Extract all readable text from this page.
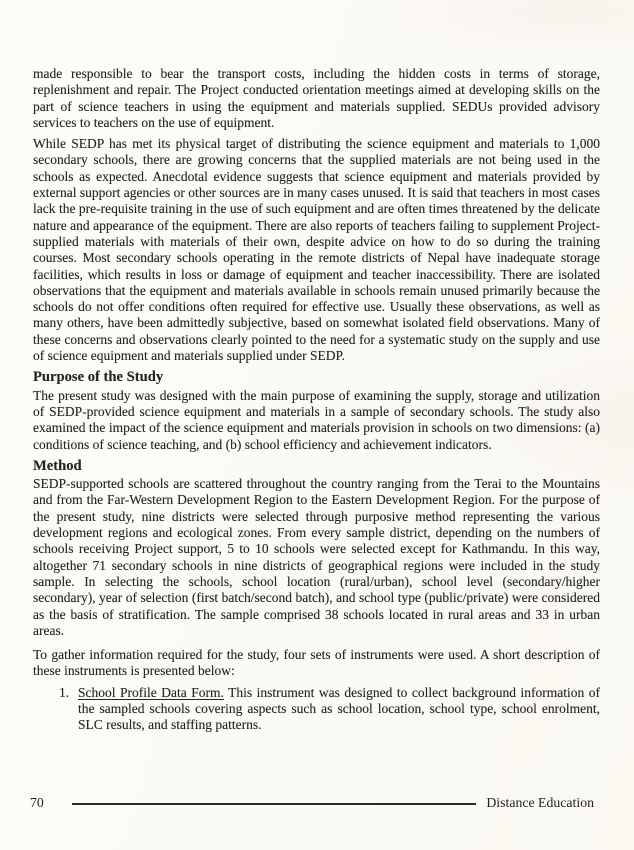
made responsible to bear the transport costs, including the hidden costs in terms of storage, replenishment and repair. The Project conducted orientation meetings aimed at developing skills on the part of science teachers in using the equipment and materials supplied. SEDUs provided advisory services to teachers on the use of equipment.

While SEDP has met its physical target of distributing the science equipment and materials to 1,000 secondary schools, there are growing concerns that the supplied materials are not being used in the schools as expected. Anecdotal evidence suggests that science equipment and materials provided by external support agencies or other sources are in many cases unused. It is said that teachers in most cases lack the pre-requisite training in the use of such equipment and are often times threatened by the delicate nature and appearance of the equipment. There are also reports of teachers failing to supplement Project-supplied materials with materials of their own, despite advice on how to do so during the training courses. Most secondary schools operating in the remote districts of Nepal have inadequate storage facilities, which results in loss or damage of equipment and teacher inaccessibility. There are isolated observations that the equipment and materials available in schools remain unused primarily because the schools do not offer conditions often required for effective use. Usually these observations, as well as many others, have been admittedly subjective, based on somewhat isolated field observations. Many of these concerns and observations clearly pointed to the need for a systematic study on the supply and use of science equipment and materials supplied under SEDP.

Purpose of the Study

The present study was designed with the main purpose of examining the supply, storage and utilization of SEDP-provided science equipment and materials in a sample of secondary schools. The study also examined the impact of the science equipment and materials provision in schools on two dimensions: (a) conditions of science teaching, and (b) school efficiency and achievement indicators.

Method

SEDP-supported schools are scattered throughout the country ranging from the Terai to the Mountains and from the Far-Western Development Region to the Eastern Development Region. For the purpose of the present study, nine districts were selected through purposive method representing the various development regions and ecological zones. From every sample district, depending on the numbers of schools receiving Project support, 5 to 10 schools were selected except for Kathmandu. In this way, altogether 71 secondary schools in nine districts of geographical regions were included in the study sample. In selecting the schools, school location (rural/urban), school level (secondary/higher secondary), year of selection (first batch/second batch), and school type (public/private) were considered as the basis of stratification. The sample comprised 38 schools located in rural areas and 33 in urban areas.

To gather information required for the study, four sets of instruments were used. A short description of these instruments is presented below:

1. School Profile Data Form. This instrument was designed to collect background information of the sampled schools covering aspects such as school location, school type, school enrolment, SLC results, and staffing patterns.
70	Distance Education
